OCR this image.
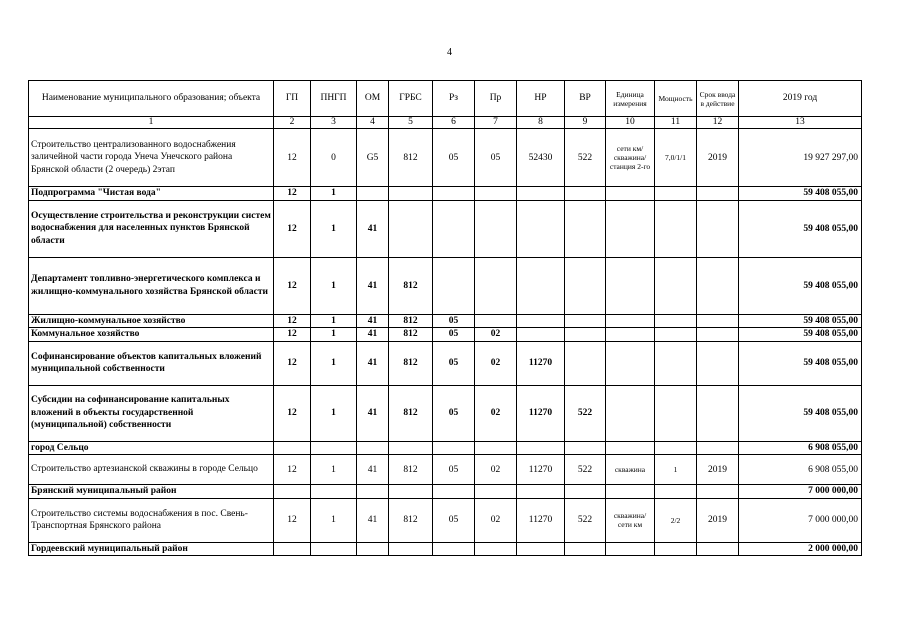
4
Наименование муниципального образования; объекта	ГП	ПНГП	ОМ	ГРБС	Рз	Пр	НР	ВР	Единица измерения	Мощность	Срок ввода в действие	2019 год
1	2	3	4	5	6	7	8	9	10	11	12	13
Строительство централизованного водоснабжения заличейной части города Унеча Унечского района Брянской области (2 очередь) 2этап	12	0	G5	812	05	05	52430	522	сети км/скважина/станция 2-го	7,0/1/1	2019	19 927 297,00
Подпрограмма "Чистая вода"	12	1										59 408 055,00
Осуществление строительства и реконструкции систем водоснабжения для населенных пунктов Брянской области	12	1	41									59 408 055,00
Департамент топливно-энергетического комплекса и жилищно-коммунального хозяйства Брянской области	12	1	41	812								59 408 055,00
Жилищно-коммунальное хозяйство	12	1	41	812	05							59 408 055,00
Коммунальное хозяйство	12	1	41	812	05	02						59 408 055,00
Софинансирование объектов капитальных вложений муниципальной собственности	12	1	41	812	05	02	11270					59 408 055,00
Субсидии на софинансирование капитальных вложений в объекты государственной (муниципальной) собственности	12	1	41	812	05	02	11270	522				59 408 055,00
город Сельцо												6 908 055,00
Строительство артезианской скважины в городе Сельцо	12	1	41	812	05	02	11270	522	скважина	1	2019	6 908 055,00
Брянский муниципальный район												7 000 000,00
Строительство системы водоснабжения в пос. Свень-Транспортная Брянского района	12	1	41	812	05	02	11270	522	скважина/сети км	2/2	2019	7 000 000,00
Гордеевский муниципальный район												2 000 000,00
